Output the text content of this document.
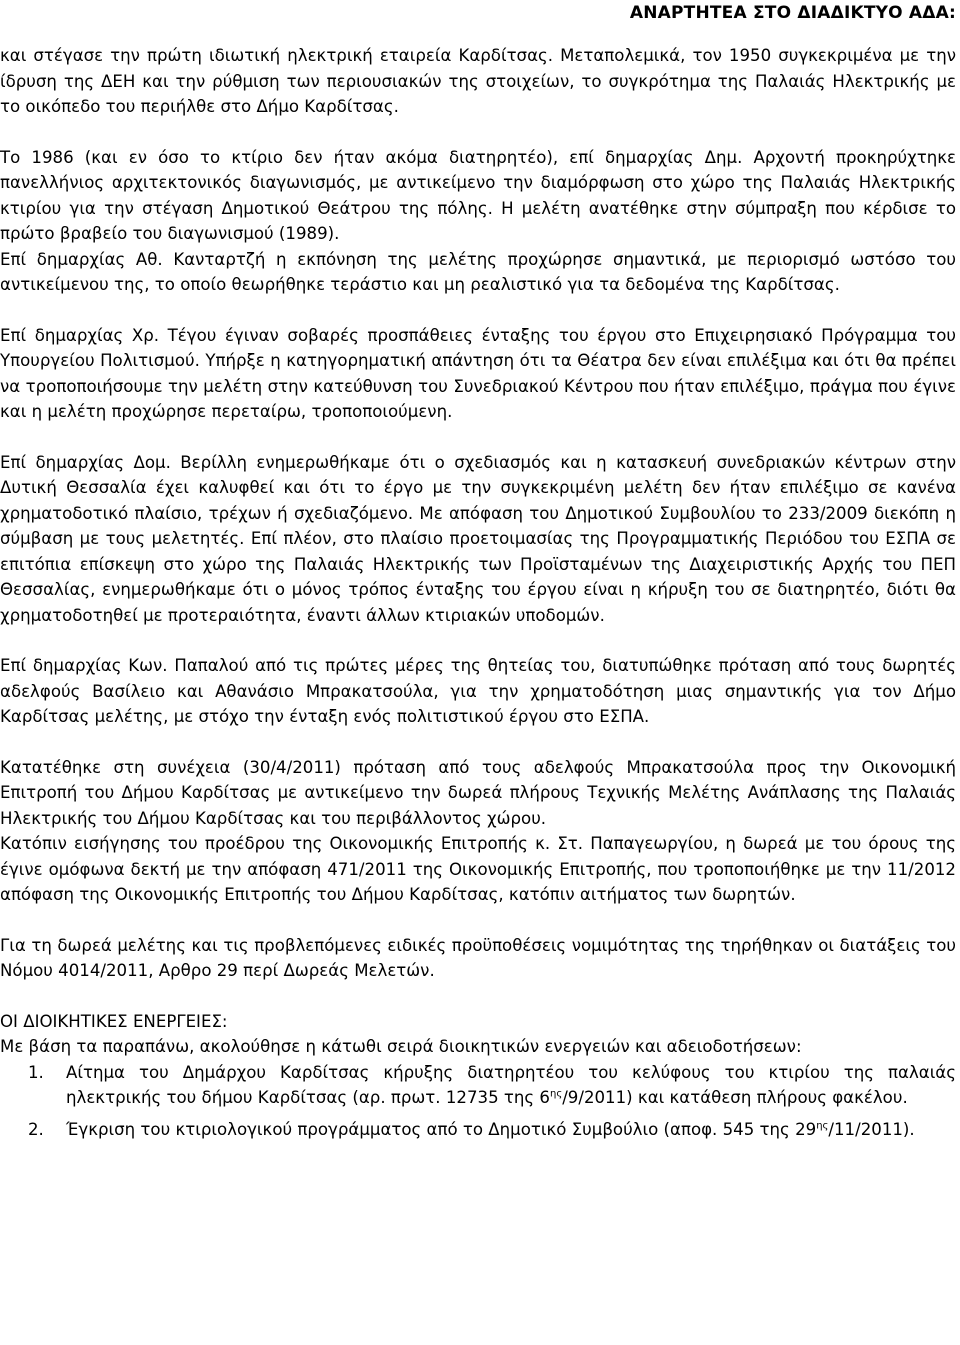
ΑΝΑΡΤΗΤΕΑ ΣΤΟ ΔΙΑΔΙΚΤΥΟ ΑΔΑ:

και στέγασε την πρώτη ιδιωτική ηλεκτρική εταιρεία Καρδίτσας. Μεταπολεμικά, τον 1950 συγκεκριμένα με την ίδρυση της ΔΕΗ και την ρύθμιση των περιουσιακών της στοιχείων, το συγκρότημα της Παλαιάς Ηλεκτρικής με το οικόπεδο του περιήλθε στο Δήμο Καρδίτσας.

Το 1986 (και εν όσο το κτίριο δεν ήταν ακόμα διατηρητέο), επί δημαρχίας Δημ. Αρχοντή προκηρύχτηκε πανελλήνιος αρχιτεκτονικός διαγωνισμός, με αντικείμενο την διαμόρφωση στο χώρο της Παλαιάς Ηλεκτρικής κτιρίου για την στέγαση Δημοτικού Θεάτρου της πόλης. Η μελέτη ανατέθηκε στην σύμπραξη που κέρδισε το πρώτο βραβείο του διαγωνισμού (1989).

Επί δημαρχίας Αθ. Κανταρτζή η εκπόνηση της μελέτης προχώρησε σημαντικά, με περιορισμό ωστόσο του αντικείμενου της, το οποίο θεωρήθηκε τεράστιο και μη ρεαλιστικό για τα δεδομένα της Καρδίτσας.

Επί δημαρχίας Χρ. Τέγου έγιναν σοβαρές προσπάθειες ένταξης του έργου στο Επιχειρησιακό Πρόγραμμα του Υπουργείου Πολιτισμού. Υπήρξε η κατηγορηματική απάντηση ότι τα Θέατρα δεν είναι επιλέξιμα και ότι θα πρέπει να τροποποιήσουμε την μελέτη στην κατεύθυνση του Συνεδριακού Κέντρου που ήταν επιλέξιμο, πράγμα που έγινε και η μελέτη προχώρησε περεταίρω, τροποποιούμενη.

Επί δημαρχίας Δομ. Βερίλλη ενημερωθήκαμε ότι ο σχεδιασμός και η κατασκευή συνεδριακών κέντρων στην Δυτική Θεσσαλία έχει καλυφθεί και ότι το έργο με την συγκεκριμένη μελέτη δεν ήταν επιλέξιμο σε κανένα χρηματοδοτικό πλαίσιο, τρέχων ή σχεδιαζόμενο. Με απόφαση του Δημοτικού Συμβουλίου το 233/2009 διεκόπη η σύμβαση με τους μελετητές. Επί πλέον, στο πλαίσιο προετοιμασίας της Προγραμματικής Περιόδου του ΕΣΠΑ σε επιτόπια επίσκεψη στο χώρο της Παλαιάς Ηλεκτρικής των Προϊσταμένων της Διαχειριστικής Αρχής του ΠΕΠ Θεσσαλίας, ενημερωθήκαμε ότι ο μόνος τρόπος ένταξης του έργου είναι η κήρυξη του σε διατηρητέο, διότι θα χρηματοδοτηθεί με προτεραιότητα, έναντι άλλων κτιριακών υποδομών.

Επί δημαρχίας Κων. Παπαλού από τις πρώτες μέρες της θητείας του, διατυπώθηκε πρόταση από τους δωρητές αδελφούς Βασίλειο και Αθανάσιο Μπρακατσούλα, για την χρηματοδότηση μιας σημαντικής για τον Δήμο Καρδίτσας μελέτης, με στόχο την ένταξη ενός πολιτιστικού έργου στο ΕΣΠΑ.

Κατατέθηκε στη συνέχεια (30/4/2011) πρόταση από τους αδελφούς Μπρακατσούλα προς την Οικονομική Επιτροπή του Δήμου Καρδίτσας με αντικείμενο την δωρεά πλήρους Τεχνικής Μελέτης Ανάπλασης της Παλαιάς Ηλεκτρικής του Δήμου Καρδίτσας και του περιβάλλοντος χώρου.

Κατόπιν εισήγησης του προέδρου της Οικονομικής Επιτροπής κ. Στ. Παπαγεωργίου, η δωρεά με του όρους της έγινε ομόφωνα δεκτή με την απόφαση 471/2011 της Οικονομικής Επιτροπής, που τροποποιήθηκε με την 11/2012 απόφαση της Οικονομικής Επιτροπής του Δήμου Καρδίτσας, κατόπιν αιτήματος των δωρητών.

Για τη δωρεά μελέτης και τις προβλεπόμενες ειδικές προϋποθέσεις νομιμότητας της τηρήθηκαν οι διατάξεις του Νόμου 4014/2011, Αρθρο 29 περί Δωρεάς Μελετών.

ΟΙ ΔΙΟΙΚΗΤΙΚΕΣ ΕΝΕΡΓΕΙΕΣ:

Με βάση τα παραπάνω, ακολούθησε η κάτωθι σειρά διοικητικών ενεργειών και αδειοδοτήσεων:

1.	Αίτημα του Δημάρχου Καρδίτσας κήρυξης διατηρητέου του κελύφους του κτιρίου της παλαιάς ηλεκτρικής του δήμου Καρδίτσας (αρ. πρωτ. 12735 της $6^{\eta\varsigma}/9/2011$) και κατάθεση πλήρους φακέλου.
2.	Έγκριση του κτιριολογικού προγράμματος από το Δημοτικό Συμβούλιο (αποφ. 545 της $29^{\eta\varsigma}/11/2011$).
